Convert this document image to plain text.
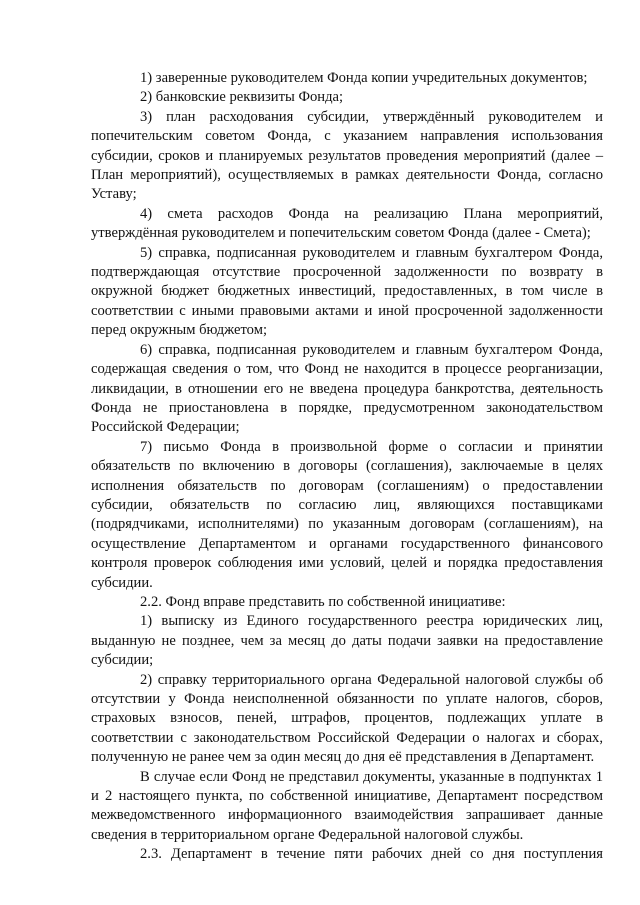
1) заверенные руководителем Фонда копии учредительных документов;

2) банковские реквизиты Фонда;

3) план расходования субсидии, утверждённый руководителем и попечительским советом Фонда, с указанием направления использования субсидии, сроков и планируемых результатов проведения мероприятий (далее – План мероприятий), осуществляемых в рамках деятельности Фонда, согласно Уставу;

4) смета расходов Фонда на реализацию Плана мероприятий, утверждённая руководителем и попечительским советом Фонда (далее - Смета);

5) справка, подписанная руководителем и главным бухгалтером Фонда, подтверждающая отсутствие просроченной задолженности по возврату в окружной бюджет бюджетных инвестиций, предоставленных, в том числе в соответствии с иными правовыми актами и иной просроченной задолженности перед окружным бюджетом;

6) справка, подписанная руководителем и главным бухгалтером Фонда, содержащая сведения о том, что Фонд не находится в процессе реорганизации, ликвидации, в отношении его не введена процедура банкротства, деятельность Фонда не приостановлена в порядке, предусмотренном законодательством Российской Федерации;

7) письмо Фонда в произвольной форме о согласии и принятии обязательств по включению в договоры (соглашения), заключаемые в целях исполнения обязательств по договорам (соглашениям) о предоставлении субсидии, обязательств по согласию лиц, являющихся поставщиками (подрядчиками, исполнителями) по указанным договорам (соглашениям), на осуществление Департаментом и органами государственного финансового контроля проверок соблюдения ими условий, целей и порядка предоставления субсидии.

2.2. Фонд вправе представить по собственной инициативе:

1) выписку из Единого государственного реестра юридических лиц, выданную не позднее, чем за месяц до даты подачи заявки на предоставление субсидии;

2) справку территориального органа Федеральной налоговой службы об отсутствии у Фонда неисполненной обязанности по уплате налогов, сборов, страховых взносов, пеней, штрафов, процентов, подлежащих уплате в соответствии с законодательством Российской Федерации о налогах и сборах, полученную не ранее чем за один месяц до дня её представления в Департамент.

В случае если Фонд не представил документы, указанные в подпунктах 1 и 2 настоящего пункта, по собственной инициативе, Департамент посредством межведомственного информационного взаимодействия запрашивает данные сведения в территориальном органе Федеральной налоговой службы.

2.3. Департамент в течение пяти рабочих дней со дня поступления
